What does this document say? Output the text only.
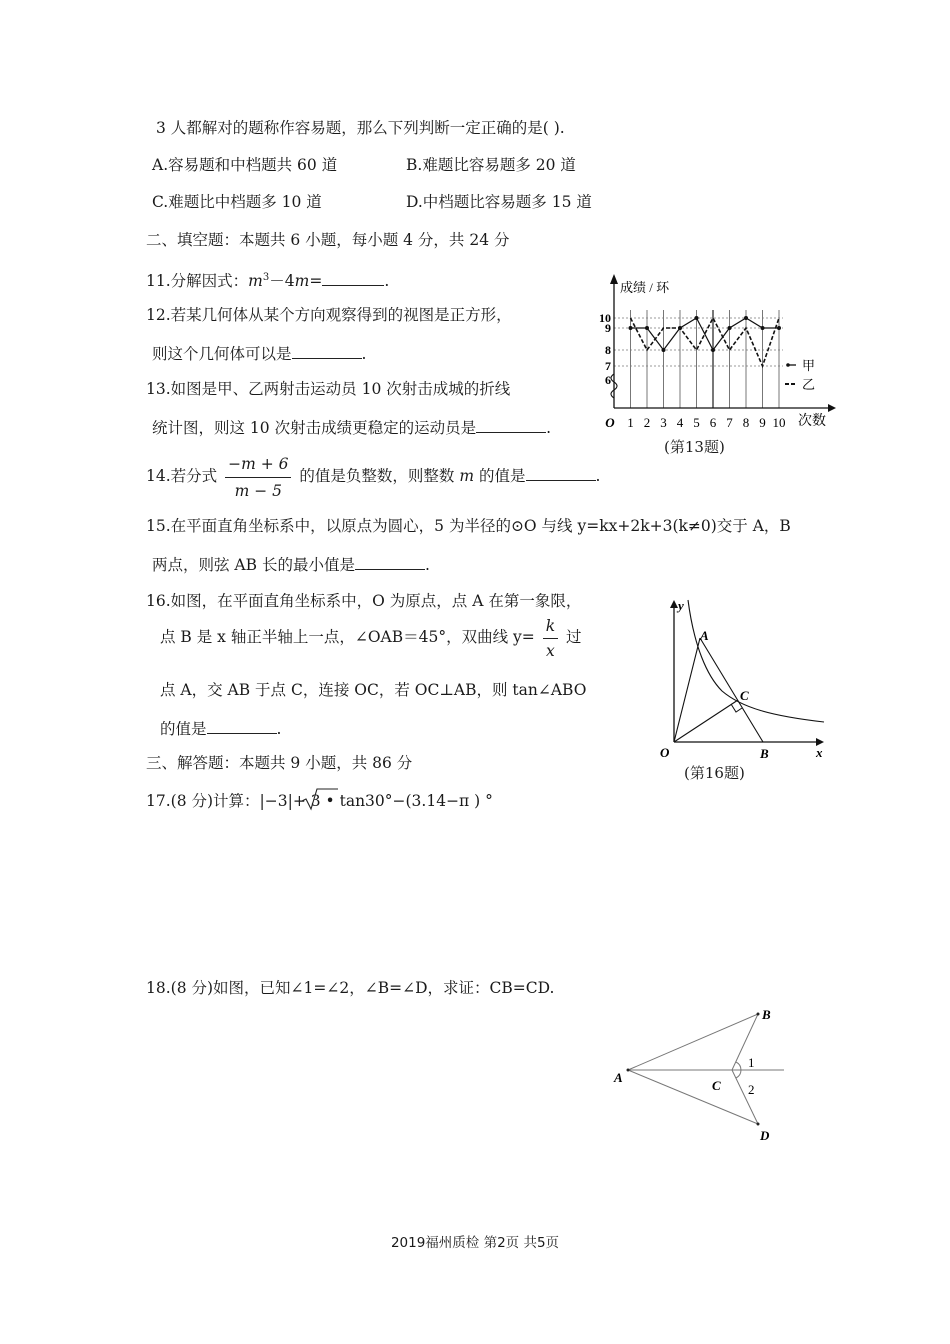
3 人都解对的题称作容易题，那么下列判断一定正确的是( ).
A.容易题和中档题共 60 道	B.难题比容易题多 20 道
C.难题比中档题多 10 道	D.中档题比容易题多 15 道
二、填空题：本题共 6 小题，每小题 4 分，共 24 分
11.分解因式：$m^3-4m=$	.
12.若某几何体从某个方向观察得到的视图是正方形，
则这个几何体可以是	.
13.如图是甲、乙两射击运动员 10 次射击成城的折线
统计图，则这 10 次射击成绩更稳定的运动员是	.
成绩 / 环
10
9
8
7
6
O 1 2 3 4 5 6 7 8 9 10 次数
甲
乙
(第13题)
14.若分式 $\frac{-m + 6}{m - 5}$ 的值是负整数，则整数 m 的值是	.
15.在平面直角坐标系中，以原点为圆心，5 为半径的⊙O 与线 y=kx+2k+3(k≠0)交于 A，B
两点，则弦 AB 长的最小值是	.
16.如图，在平面直角坐标系中，O 为原点，点 A 在第一象限，
点 B 是 x 轴正半轴上一点，∠OAB＝45°，双曲线 $y= \frac{k}{x}$ 过
点 A，交 AB 于点 C，连接 OC，若 OC⊥AB，则 tan∠ABO
的值是	.
y
A
C
O	B	x
(第16题)
三、解答题：本题共 9 小题，共 86 分
17.(8 分)计算：|−3|+ 3 • tan30°−(3.14−π ) °
18.(8 分)如图，已知∠1=∠2，∠B=∠D，求证：CB=CD.
A
B
C
D
1
2
2019福州质检 第2页 共5页
